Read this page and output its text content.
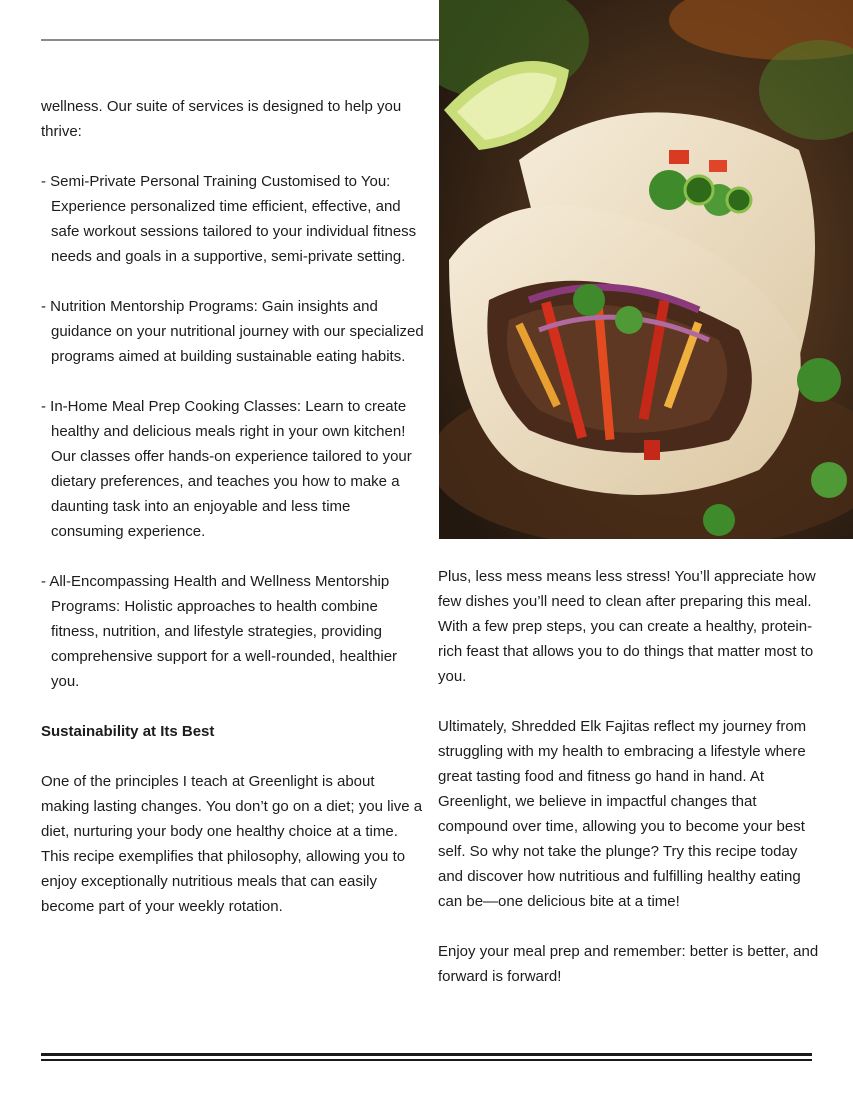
wellness. Our suite of services is designed to help you thrive:

- Semi-Private Personal Training Customised to You: Experience personalized time efficient, effective, and safe workout sessions tailored to your individual fitness needs and goals in a supportive, semi-private setting.

- Nutrition Mentorship Programs: Gain insights and guidance on your nutritional journey with our specialized programs aimed at building sustainable eating habits.

- In-Home Meal Prep Cooking Classes: Learn to create healthy and delicious meals right in your own kitchen! Our classes offer hands-on experience tailored to your dietary preferences, and teaches you how to make a daunting task into an enjoyable and less time consuming experience.

- All-Encompassing Health and Wellness Mentorship Programs: Holistic approaches to health combine fitness, nutrition, and lifestyle strategies, providing comprehensive support for a well-rounded, healthier you.

Sustainability at Its Best

One of the principles I teach at Greenlight is about making lasting changes. You don’t go on a diet; you live a diet, nurturing your body one healthy choice at a time. This recipe exemplifies that philosophy, allowing you to enjoy exceptionally nutritious meals that can easily become part of your weekly rotation.

Plus, less mess means less stress! You’ll appreciate how few dishes you’ll need to clean after preparing this meal. With a few prep steps, you can create a healthy, protein-rich feast that allows you to do things that matter most to you.

Ultimately, Shredded Elk Fajitas reflect my journey from struggling with my health to embracing a lifestyle where great tasting food and fitness go hand in hand. At Greenlight, we believe in impactful changes that compound over time, allowing you to become your best self. So why not take the plunge? Try this recipe today and discover how nutritious and fulfilling healthy eating can be—one delicious bite at a time!

Enjoy your meal prep and remember: better is better, and forward is forward!
